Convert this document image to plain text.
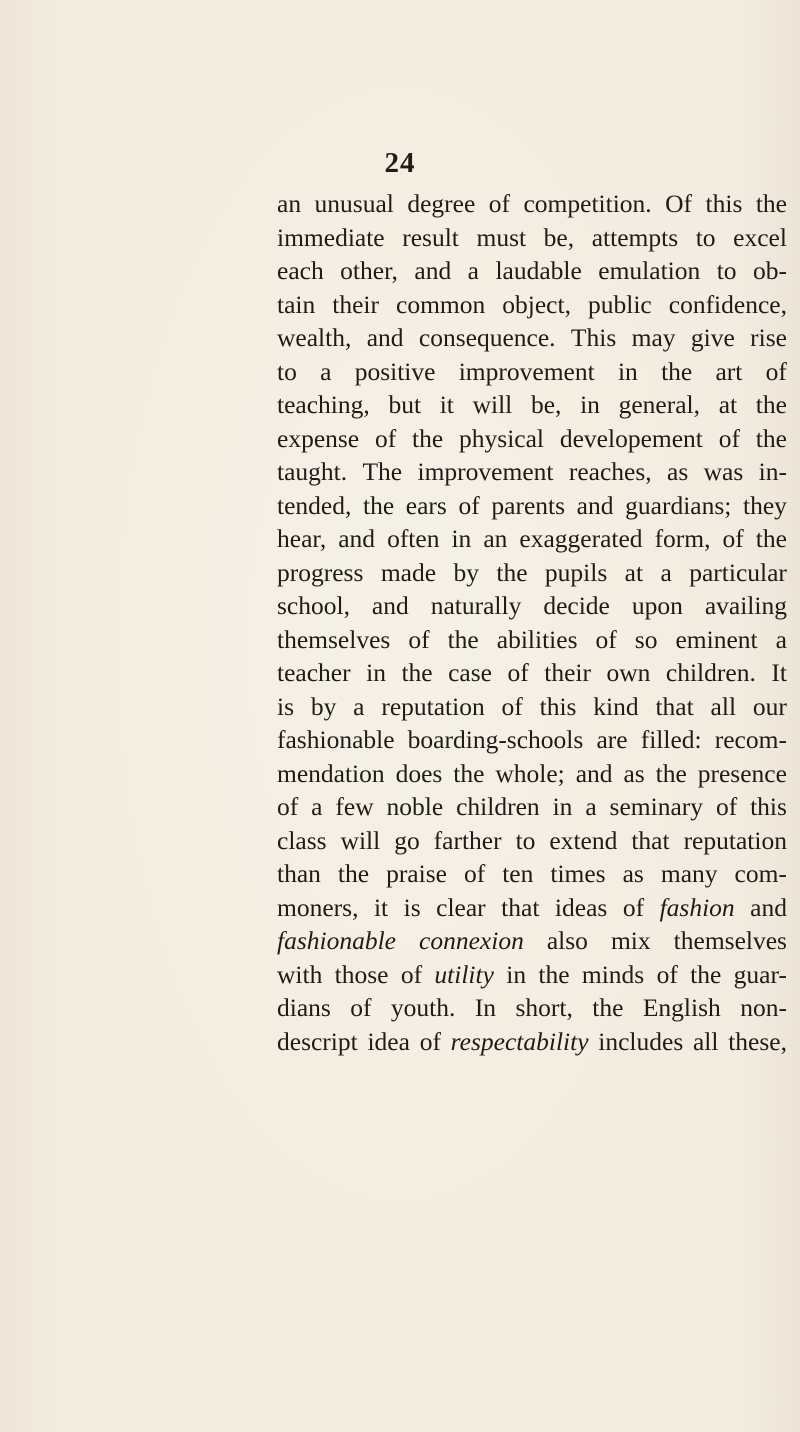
24
an unusual degree of competition. Of this the
immediate result must be, attempts to excel
each other, and a laudable emulation to ob-
tain their common object, public confidence,
wealth, and consequence. This may give rise
to a positive improvement in the art of
teaching, but it will be, in general, at the
expense of the physical developement of the
taught. The improvement reaches, as was in-
tended, the ears of parents and guardians; they
hear, and often in an exaggerated form, of the
progress made by the pupils at a particular
school, and naturally decide upon availing
themselves of the abilities of so eminent a
teacher in the case of their own children. It
is by a reputation of this kind that all our
fashionable boarding-schools are filled: recom-
mendation does the whole; and as the presence
of a few noble children in a seminary of this
class will go farther to extend that reputation
than the praise of ten times as many com-
moners, it is clear that ideas of fashion and
fashionable connexion also mix themselves
with those of utility in the minds of the guar-
dians of youth. In short, the English non-
descript idea of respectability includes all these,
